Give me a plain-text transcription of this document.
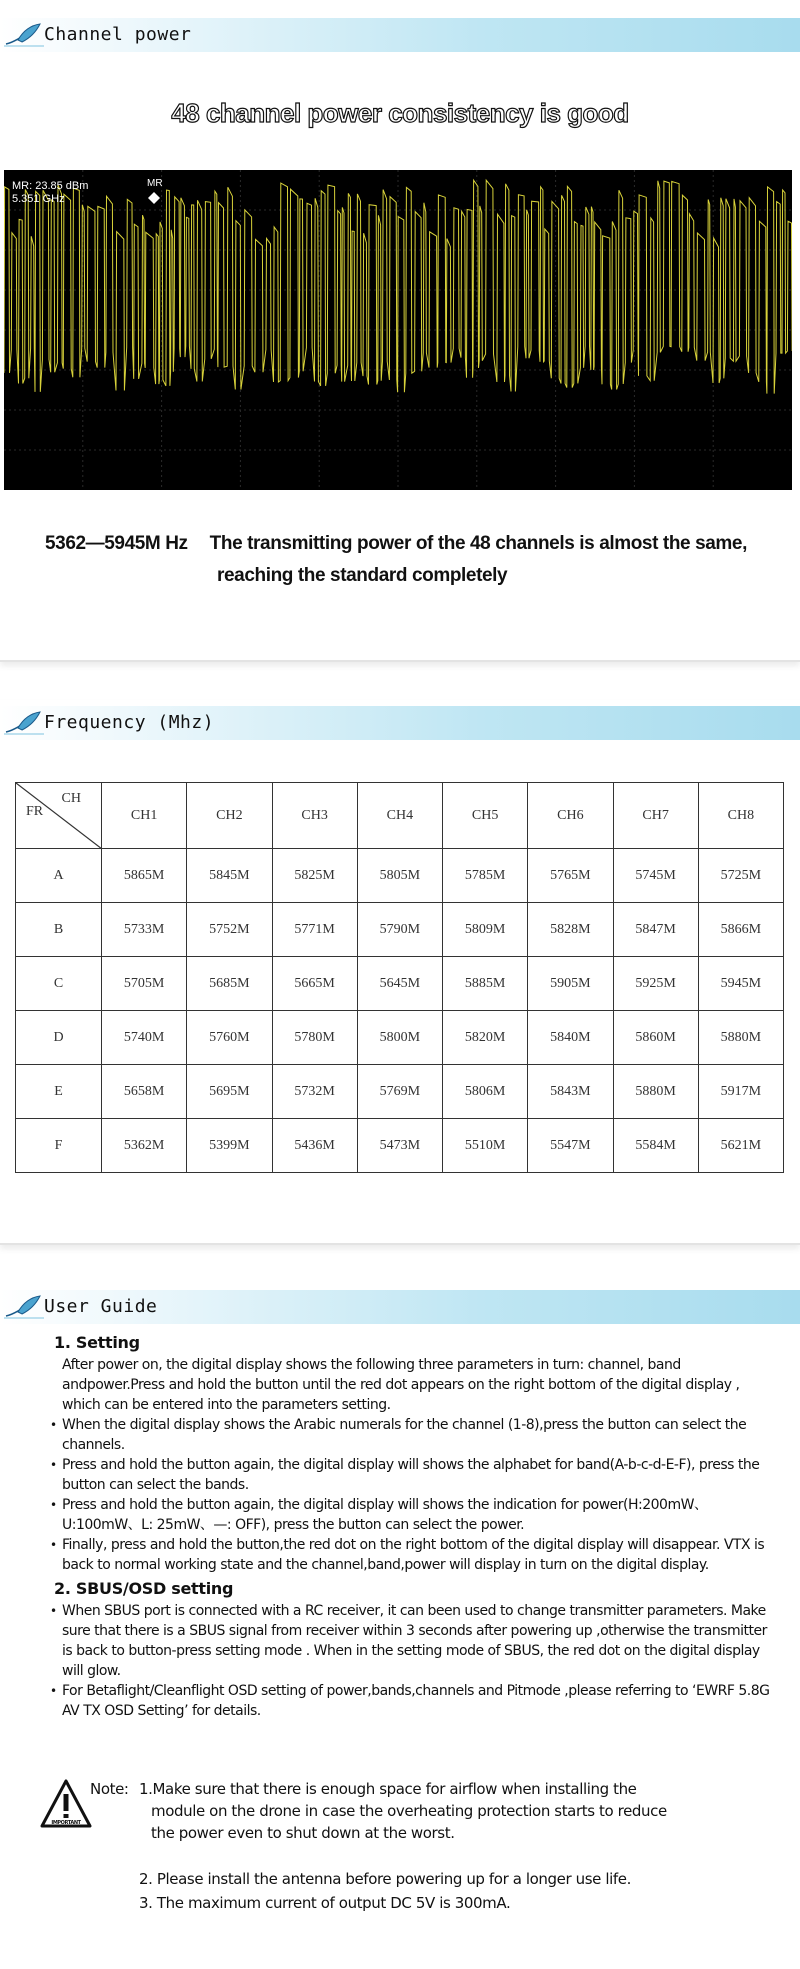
Channel power
48 channel power consistency is good
MR: 23.85 dBm
5.351 GHz
MR
5362—5945M Hz The transmitting power of the 48 channels is almost the same,
reaching the standard completely
Frequency (Mhz)
CH
FR	CH1	CH2	CH3	CH4	CH5	CH6	CH7	CH8
A	5865M	5845M	5825M	5805M	5785M	5765M	5745M	5725M
B	5733M	5752M	5771M	5790M	5809M	5828M	5847M	5866M
C	5705M	5685M	5665M	5645M	5885M	5905M	5925M	5945M
D	5740M	5760M	5780M	5800M	5820M	5840M	5860M	5880M
E	5658M	5695M	5732M	5769M	5806M	5843M	5880M	5917M
F	5362M	5399M	5436M	5473M	5510M	5547M	5584M	5621M
User Guide
1. Setting

After power on, the digital display shows the following three parameters in turn: channel, band andpower.Press and hold the button until the red dot appears on the right bottom of the digital display , which can be entered into the parameters setting.

• When the digital display shows the Arabic numerals for the channel (1-8),press the button can select the channels.
• Press and hold the button again, the digital display will shows the alphabet for band(A-b-c-d-E-F), press the button can select the bands.
• Press and hold the button again, the digital display will shows the indication for power(H:200mW、U:100mW、L: 25mW、—: OFF), press the button can select the power.
• Finally, press and hold the button,the red dot on the right bottom of the digital display will disappear. VTX is back to normal working state and the channel,band,power will display in turn on the digital display.
2. SBUS/OSD setting
• When SBUS port is connected with a RC receiver, it can been used to change transmitter parameters. Make sure that there is a SBUS signal from receiver within 3 seconds after powering up ,otherwise the transmitter is back to button-press setting mode . When in the setting mode of SBUS, the red dot on the digital display will glow.
• For Betaflight/Cleanflight OSD setting of power,bands,channels and Pitmode ,please referring to ‘EWRF 5.8G AV TX OSD Setting’ for details.
IMPORTANT
Note: 1.Make sure that there is enough space for airflow when installing the
module on the drone in case the overheating protection starts to reduce
the power even to shut down at the worst.
2. Please install the antenna before powering up for a longer use life.
3. The maximum current of output DC 5V is 300mA.
